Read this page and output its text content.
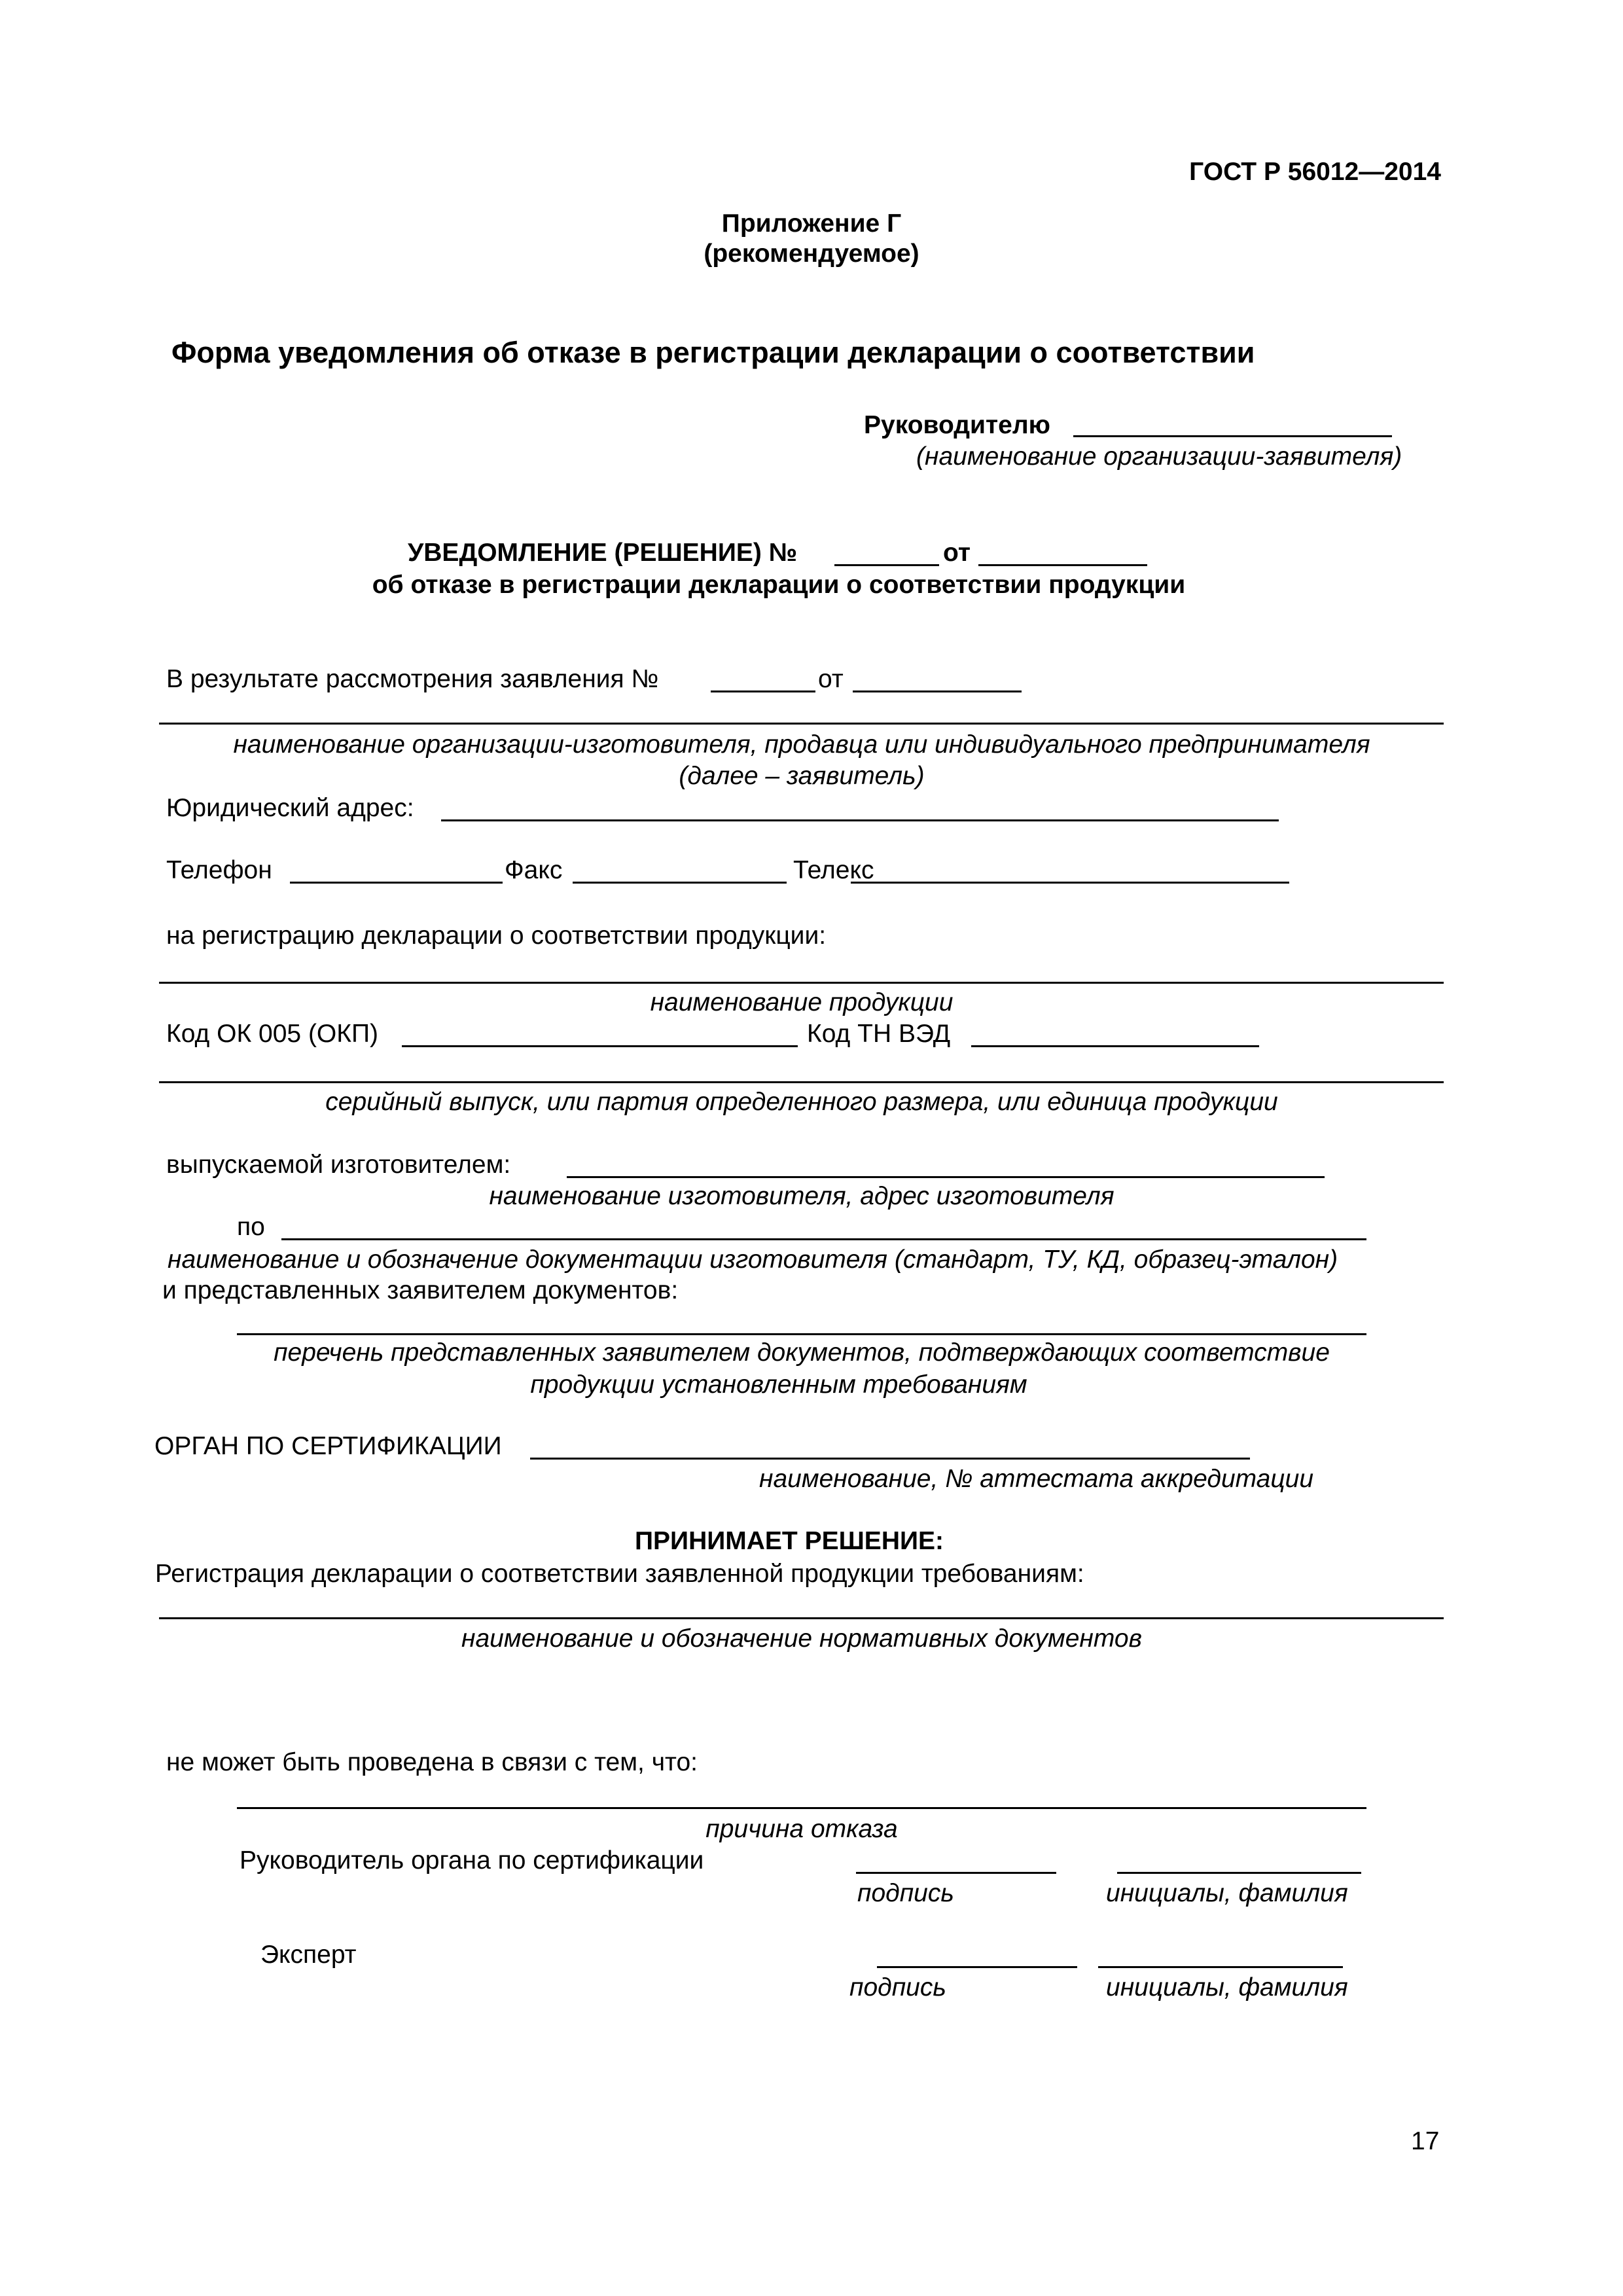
ГОСТ Р 56012—2014
Приложение Г
(рекомендуемое)
Форма уведомления об отказе в регистрации декларации о соответствии
Руководителю
(наименование организации-заявителя)
УВЕДОМЛЕНИЕ (РЕШЕНИЕ) №	от
об отказе в регистрации декларации о соответствии продукции
В результате рассмотрения заявления №	от
наименование организации-изготовителя, продавца или индивидуального предпринимателя
(далее – заявитель)
Юридический адрес:
Телефон	Факс	Телекс
на регистрацию декларации о соответствии продукции:
наименование продукции
Код ОК 005 (ОКП)	Код ТН ВЭД
серийный выпуск, или партия определенного размера, или единица продукции
выпускаемой изготовителем:
наименование изготовителя, адрес изготовителя
по
наименование и обозначение документации изготовителя (стандарт, ТУ, КД, образец-эталон)
и представленных заявителем документов:
перечень представленных заявителем документов, подтверждающих соответствие
продукции установленным требованиям
ОРГАН ПО СЕРТИФИКАЦИИ
наименование, № аттестата аккредитации
ПРИНИМАЕТ РЕШЕНИЕ:
Регистрация декларации о соответствии заявленной продукции требованиям:
наименование и обозначение нормативных документов
не может быть проведена в связи с тем, что:
причина отказа
Руководитель органа по сертификации
подпись	инициалы, фамилия
Эксперт
подпись	инициалы, фамилия
17
